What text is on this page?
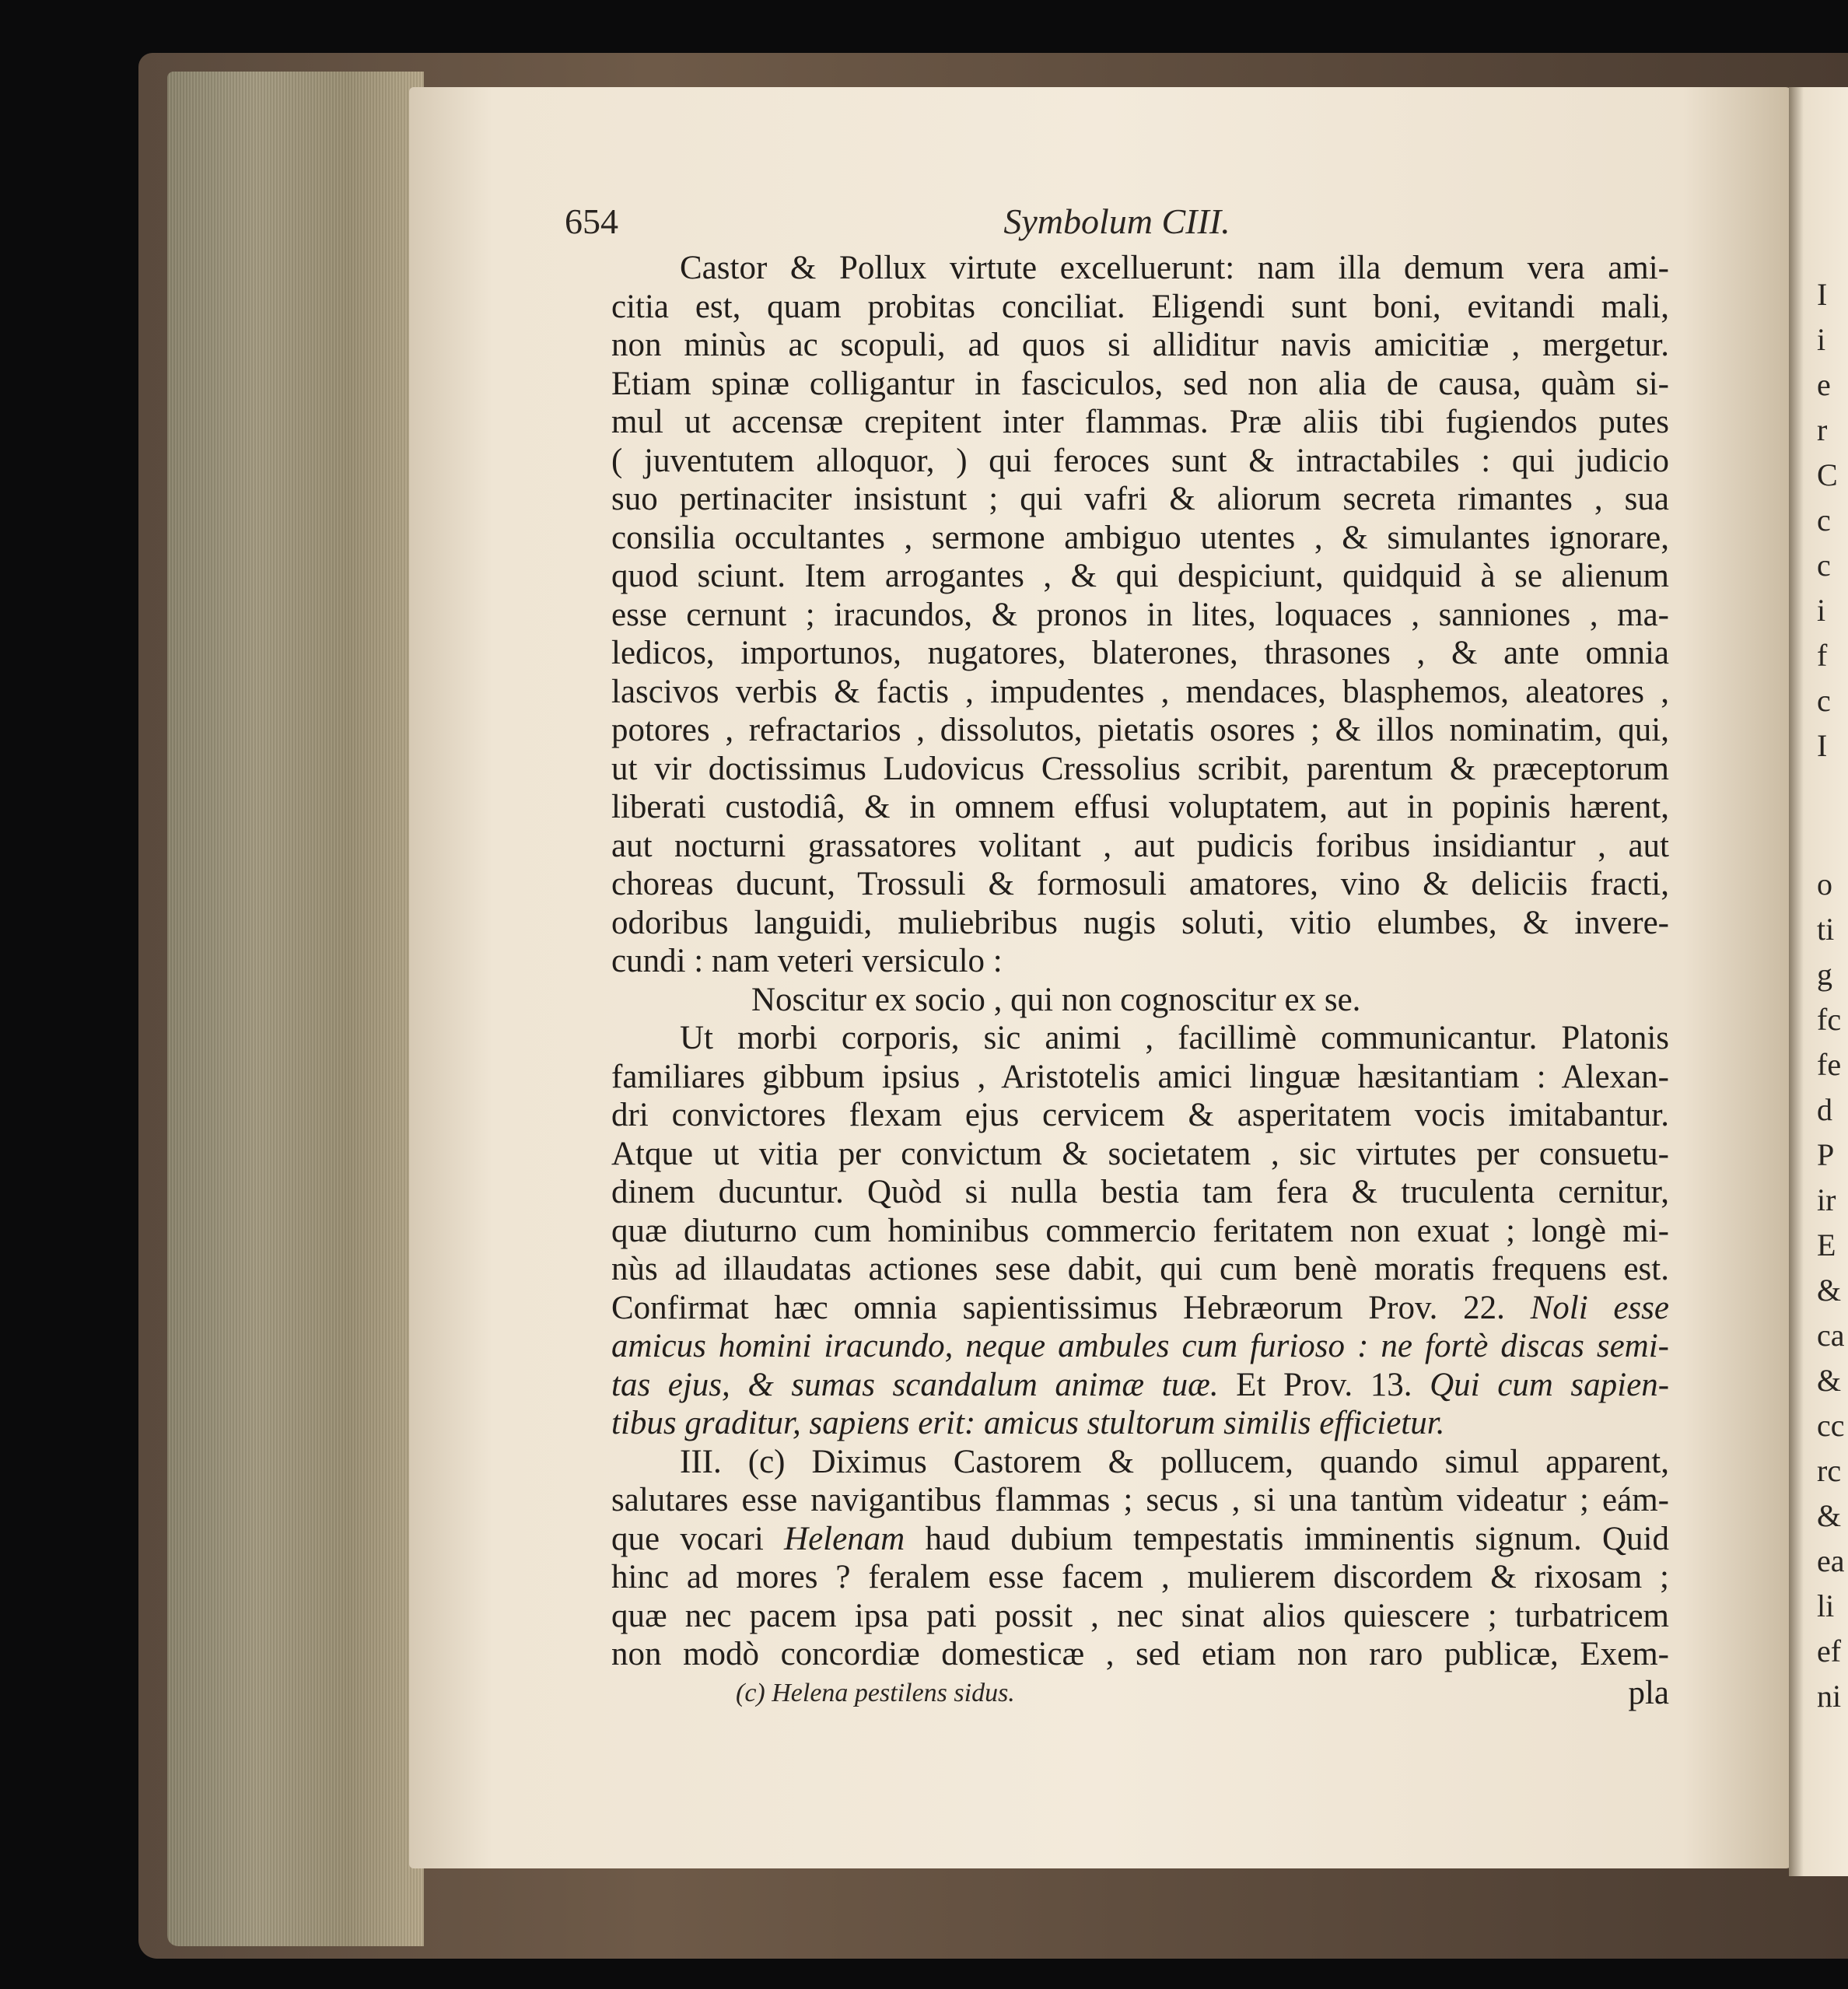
I
i
e
r
C
c
c
i
f
c
I
o
ti
g
fc
fe
d
P
ir
E
&
ca
&
cc
rc
&
ea
li
ef
ni
654	Symbolum CIII.
Castor & Pollux virtute excelluerunt: nam illa demum vera ami-
citia est, quam probitas conciliat. Eligendi sunt boni, evitandi mali,
non minùs ac scopuli, ad quos si alliditur navis amicitiæ , mergetur.
Etiam spinæ colligantur in fasciculos, sed non alia de causa, quàm si-
mul ut accensæ crepitent inter flammas. Præ aliis tibi fugiendos putes
( juventutem alloquor, ) qui feroces sunt & intractabiles : qui judicio
suo pertinaciter insistunt ; qui vafri & aliorum secreta rimantes , sua
consilia occultantes , sermone ambiguo utentes , & simulantes ignorare,
quod sciunt. Item arrogantes , & qui despiciunt, quidquid à se alienum
esse cernunt ; iracundos, & pronos in lites, loquaces , sanniones , ma-
ledicos, importunos, nugatores, blaterones, thrasones , & ante omnia
lascivos verbis & factis , impudentes , mendaces, blasphemos, aleatores ,
potores , refractarios , dissolutos, pietatis osores ; & illos nominatim, qui,
ut vir doctissimus Ludovicus Cressolius scribit, parentum & præceptorum
liberati custodiâ, & in omnem effusi voluptatem, aut in popinis hærent,
aut nocturni grassatores volitant , aut pudicis foribus insidiantur , aut
choreas ducunt, Trossuli & formosuli amatores, vino & deliciis fracti,
odoribus languidi, muliebribus nugis soluti, vitio elumbes, & invere-
cundi : nam veteri versiculo :
Noscitur ex socio , qui non cognoscitur ex se.
Ut morbi corporis, sic animi , facillimè communicantur. Platonis
familiares gibbum ipsius , Aristotelis amici linguæ hæsitantiam : Alexan-
dri convictores flexam ejus cervicem & asperitatem vocis imitabantur.
Atque ut vitia per convictum & societatem , sic virtutes per consuetu-
dinem ducuntur. Quòd si nulla bestia tam fera & truculenta cernitur,
quæ diuturno cum hominibus commercio feritatem non exuat ; longè mi-
nùs ad illaudatas actiones sese dabit, qui cum benè moratis frequens est.
Confirmat hæc omnia sapientissimus Hebræorum Prov. 22. Noli esse
amicus homini iracundo, neque ambules cum furioso : ne fortè discas semi-
tas ejus, & sumas scandalum animæ tuæ. Et Prov. 13. Qui cum sapien-
tibus graditur, sapiens erit: amicus stultorum similis efficietur.
III. (c) Diximus Castorem & pollucem, quando simul apparent,
salutares esse navigantibus flammas ; secus , si una tantùm videatur ; eám-
que vocari Helenam haud dubium tempestatis imminentis signum. Quid
hinc ad mores ? feralem esse facem , mulierem discordem & rixosam ;
quæ nec pacem ipsa pati possit , nec sinat alios quiescere ; turbatricem
non modò concordiæ domesticæ , sed etiam non raro publicæ, Exem-
pla
(c) Helena pestilens sidus.
